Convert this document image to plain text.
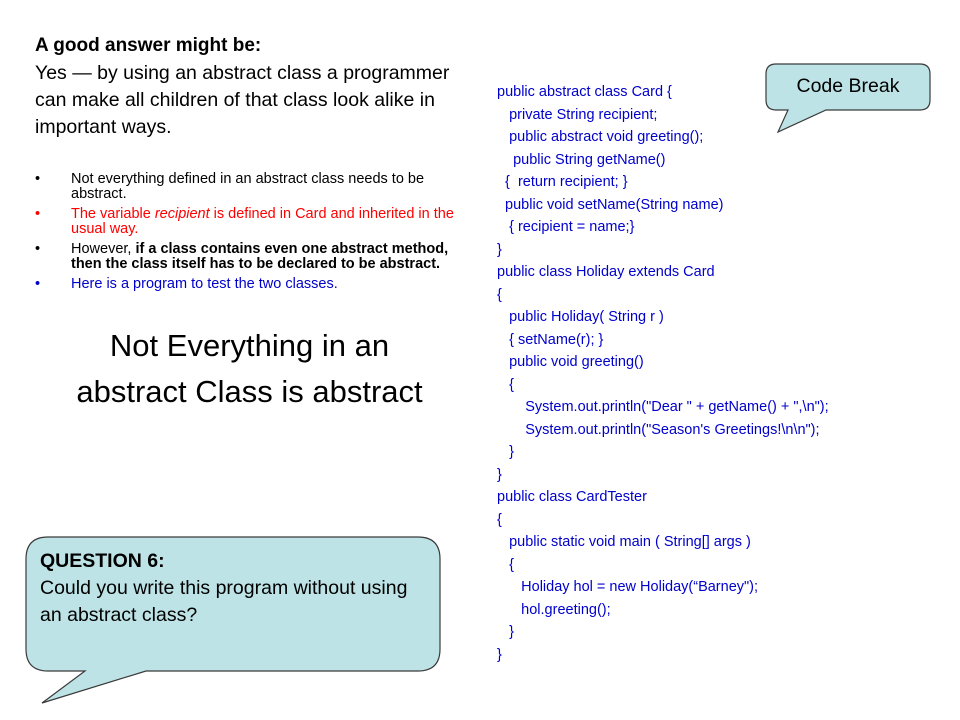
A good answer might be:
Yes — by using an abstract class a programmer can make all children of that class look alike in important ways.
• Not everything defined in an abstract class needs to be abstract.
• The variable recipient is defined in Card and inherited in the usual way.
• However, if a class contains even one abstract method, then the class itself has to be declared to be abstract.
• Here is a program to test the two classes.
Not Everything in an abstract Class is abstract
public abstract class Card {
private String recipient;
public abstract void greeting();
public String getName()
{  return recipient; }
public void setName(String name)
{ recipient = name;}
}
public class Holiday extends Card
{
public Holiday( String r )
{ setName(r); }
public void greeting()
{
System.out.println("Dear " + getName() + ",\n");
System.out.println("Season's Greetings!\n\n");
}
}
public class CardTester
{
public static void main ( String[] args )
{
Holiday hol = new Holiday(“Barney");
hol.greeting();
}
}
Code Break
QUESTION 6:
Could you write this program without using an abstract class?
